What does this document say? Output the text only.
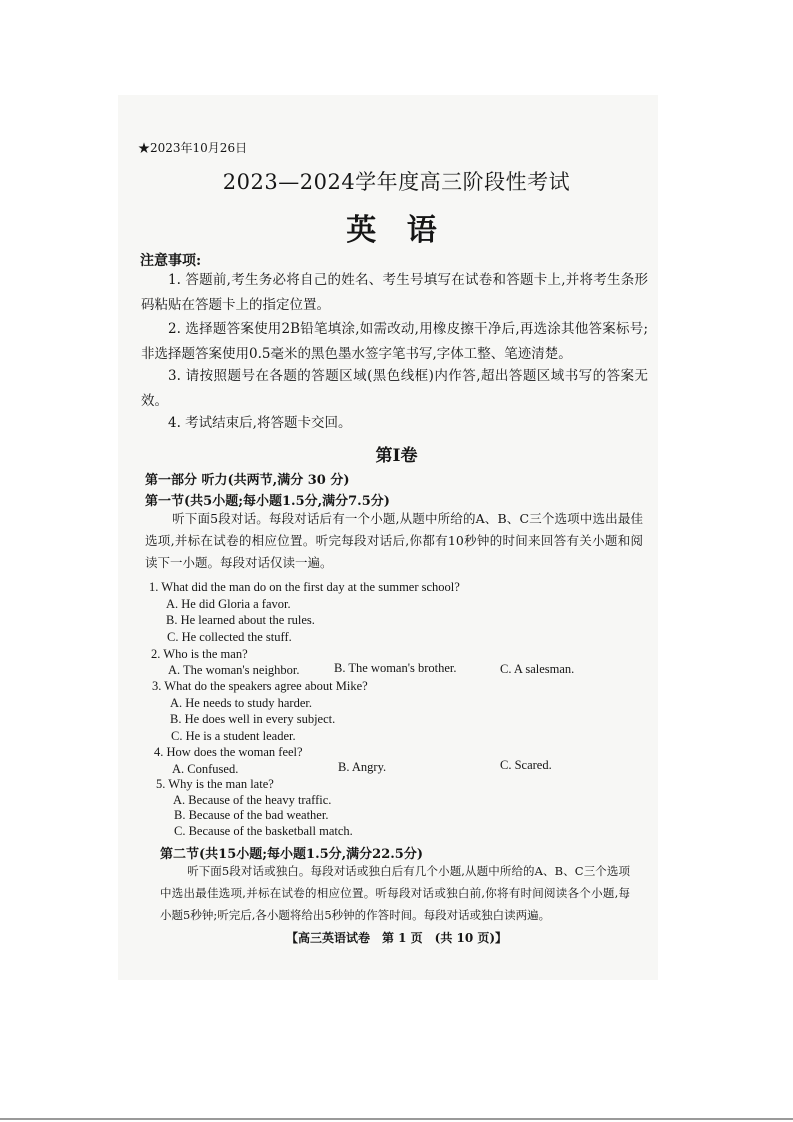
★2023年10月26日
2023—2024学年度高三阶段性考试
英 语
注意事项:
1. 答题前,考生务必将自己的姓名、考生号填写在试卷和答题卡上,并将考生条形码粘贴在答题卡上的指定位置。
2. 选择题答案使用2B铅笔填涂,如需改动,用橡皮擦干净后,再选涂其他答案标号;非选择题答案使用0.5毫米的黑色墨水签字笔书写,字体工整、笔迹清楚。
3. 请按照题号在各题的答题区域(黑色线框)内作答,超出答题区域书写的答案无效。
4. 考试结束后,将答题卡交回。
第I卷
第一部分 听力(共两节,满分 30 分)
第一节(共5小题;每小题1.5分,满分7.5分)
听下面5段对话。每段对话后有一个小题,从题中所给的A、B、C三个选项中选出最佳选项,并标在试卷的相应位置。听完每段对话后,你都有10秒钟的时间来回答有关小题和阅读下一小题。每段对话仅读一遍。
1. What did the man do on the first day at the summer school?
A. He did Gloria a favor.
B. He learned about the rules.
C. He collected the stuff.
2. Who is the man?
A. The woman's neighbor.	B. The woman's brother.	C. A salesman.
3. What do the speakers agree about Mike?
A. He needs to study harder.
B. He does well in every subject.
C. He is a student leader.
4. How does the woman feel?
A. Confused.	B. Angry.	C. Scared.
5. Why is the man late?
A. Because of the heavy traffic.
B. Because of the bad weather.
C. Because of the basketball match.
第二节(共15小题;每小题1.5分,满分22.5分)
听下面5段对话或独白。每段对话或独白后有几个小题,从题中所给的A、B、C三个选项中选出最佳选项,并标在试卷的相应位置。听每段对话或独白前,你将有时间阅读各个小题,每小题5秒钟;听完后,各小题将给出5秒钟的作答时间。每段对话或独白读两遍。
【高三英语试卷　第 1 页　(共 10 页)】
